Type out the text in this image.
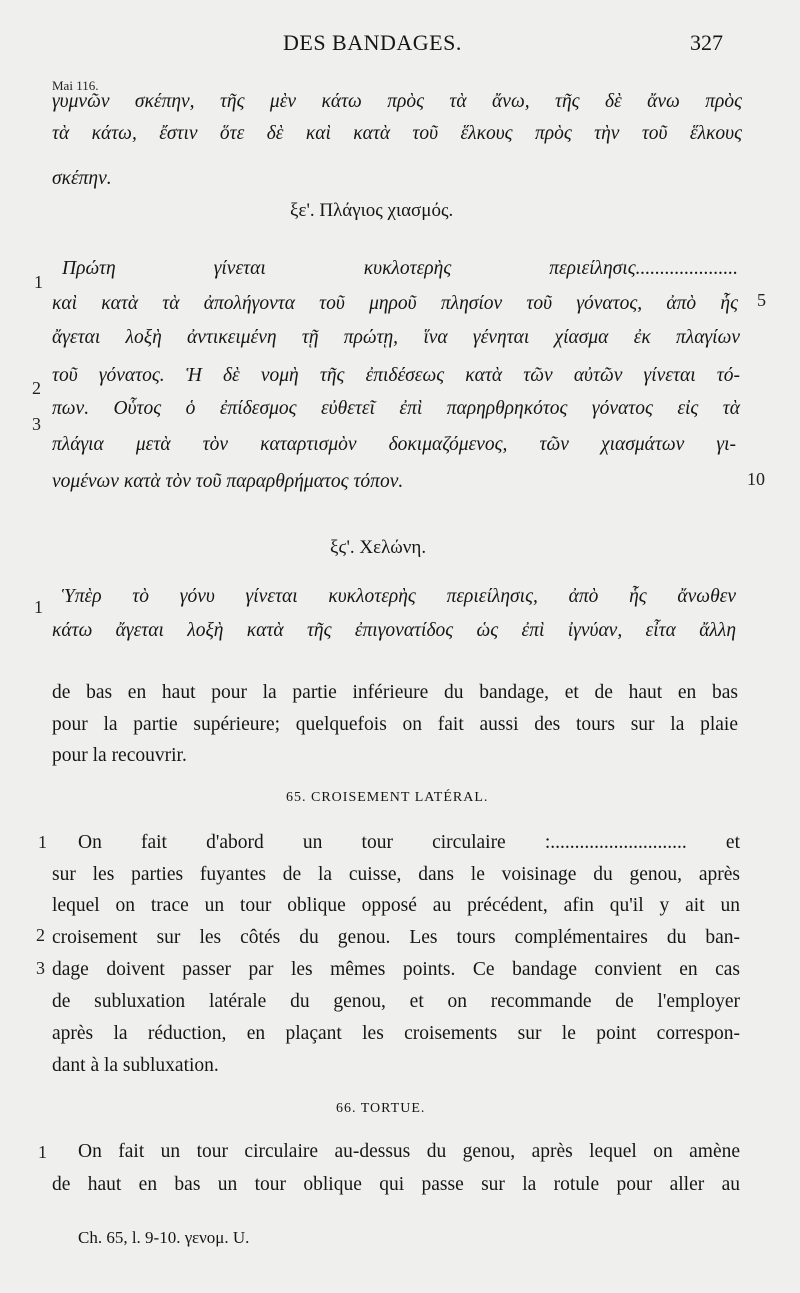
DES BANDAGES.	327
Mai 116.
γυμνῶν σκέπην, τῆς μὲν κάτω πρὸς τὰ ἄνω, τῆς δὲ ἄνω πρὸς
τὰ κάτω, ἔστιν ὅτε δὲ καὶ κατὰ τοῦ ἕλκους πρὸς τὴν τοῦ ἕλκους
σκέπην.
ξε'. Πλάγιος χιασμός.
1
Πρώτη γίνεται κυκλοτερὴς περιείλησις.....................
καὶ κατὰ τὰ ἀπολήγοντα τοῦ μηροῦ πλησίον τοῦ γόνατος, ἀπὸ ἧς 5
ἄγεται λοξὴ ἀντικειμένη τῇ πρώτῃ, ἵνα γένηται χίασμα ἐκ πλαγίων
2
τοῦ γόνατος. Ἡ δὲ νομὴ τῆς ἐπιδέσεως κατὰ τῶν αὐτῶν γίνεται τό-
3
πων. Οὗτος ὁ ἐπίδεσμος εὐθετεῖ ἐπὶ παρηρθρηκότος γόνατος εἰς τὰ
πλάγια μετὰ τὸν καταρτισμὸν δοκιμαζόμενος, τῶν χιασμάτων γι-
νομένων κατὰ τὸν τοῦ παραρθρήματος τόπον.	10
ξϛ'. Χελώνη.
1 Ὑπὲρ τὸ γόνυ γίνεται κυκλοτερὴς περιείλησις, ἀπὸ ἧς ἄνωθεν
κάτω ἄγεται λοξὴ κατὰ τῆς ἐπιγονατίδος ὡς ἐπὶ ἰγνύαν, εἶτα ἄλλη
de bas en haut pour la partie inférieure du bandage, et de haut en bas
pour la partie supérieure; quelquefois on fait aussi des tours sur la plaie
pour la recouvrir.
65. CROISEMENT LATÉRAL.
1 On fait d'abord un tour circulaire :............................ et
sur les parties fuyantes de la cuisse, dans le voisinage du genou, après
lequel on trace un tour oblique opposé au précédent, afin qu'il y ait un
2 croisement sur les côtés du genou. Les tours complémentaires du ban-
3 dage doivent passer par les mêmes points. Ce bandage convient en cas
de subluxation latérale du genou, et on recommande de l'employer
après la réduction, en plaçant les croisements sur le point correspon-
dant à la subluxation.
66. TORTUE.
1 On fait un tour circulaire au-dessus du genou, après lequel on amène
de haut en bas un tour oblique qui passe sur la rotule pour aller au
Ch. 65, l. 9-10. γενομ. U.
